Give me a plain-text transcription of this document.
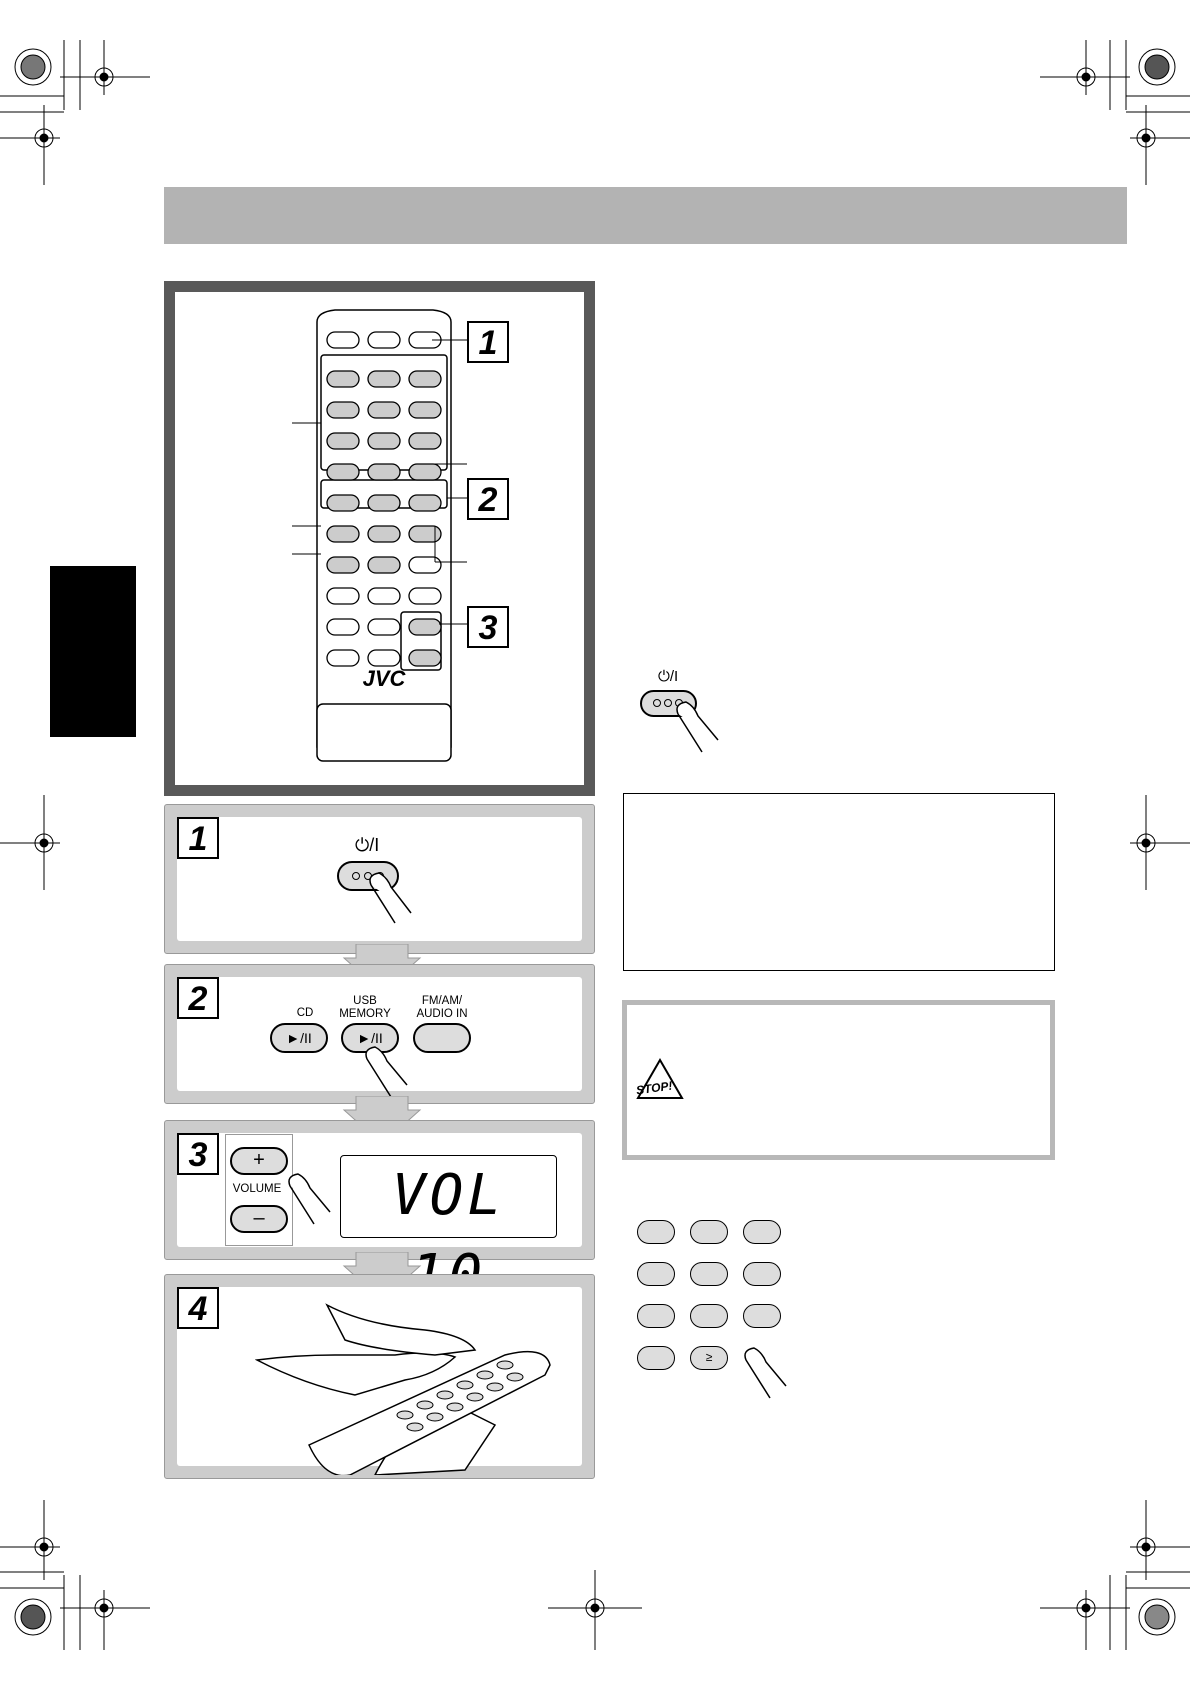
JVC
1
2
3
1	⏻/I
2	CD
USB
MEMORY
FM/AM/
AUDIO IN
►/II	►/II
3	+
VOLUME
–	VOL
4
⏻/I
STOP!
≥
